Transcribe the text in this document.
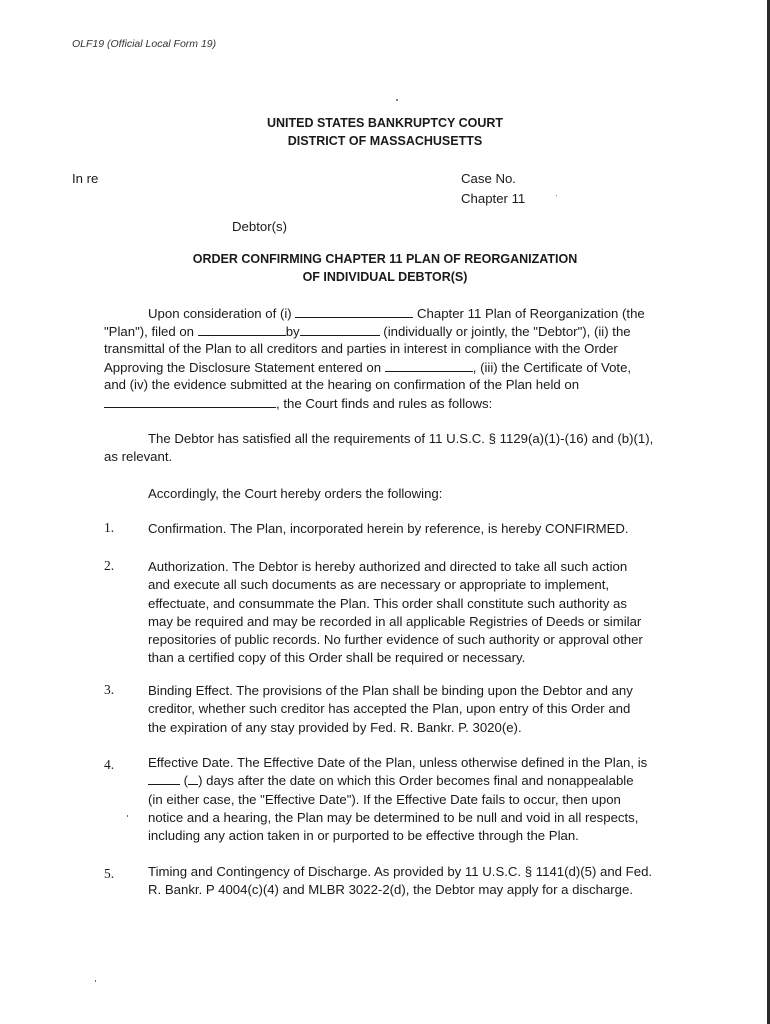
OLF19 (Official Local Form 19)
UNITED STATES BANKRUPTCY COURT
DISTRICT OF MASSACHUSETTS
In re	Case No.
Chapter 11
Debtor(s)
ORDER CONFIRMING CHAPTER 11 PLAN OF REORGANIZATION
OF INDIVIDUAL DEBTOR(S)
Upon consideration of (i)	Chapter 11 Plan of Reorganization (the
"Plan"), filed on	by	(individually or jointly, the "Debtor"), (ii) the
transmittal of the Plan to all creditors and parties in interest in compliance with the Order
Approving the Disclosure Statement entered on	, (iii) the Certificate of Vote,
and (iv) the evidence submitted at the hearing on confirmation of the Plan held on
, the Court finds and rules as follows:
The Debtor has satisfied all the requirements of 11 U.S.C. § 1129(a)(1)-(16) and (b)(1),
as relevant.
Accordingly, the Court hereby orders the following:
1.	Confirmation. The Plan, incorporated herein by reference, is hereby CONFIRMED.
2.	Authorization. The Debtor is hereby authorized and directed to take all such action
and execute all such documents as are necessary or appropriate to implement,
effectuate, and consummate the Plan. This order shall constitute such authority as
may be required and may be recorded in all applicable Registries of Deeds or similar
repositories of public records. No further evidence of such authority or approval other
than a certified copy of this Order shall be required or necessary.
3.	Binding Effect. The provisions of the Plan shall be binding upon the Debtor and any
creditor, whether such creditor has accepted the Plan, upon entry of this Order and
the expiration of any stay provided by Fed. R. Bankr. P. 3020(e).
4.	Effective Date. The Effective Date of the Plan, unless otherwise defined in the Plan, is
( ) days after the date on which this Order becomes final and nonappealable
(in either case, the "Effective Date"). If the Effective Date fails to occur, then upon
notice and a hearing, the Plan may be determined to be null and void in all respects,
including any action taken in or purported to be effective through the Plan.
5.	Timing and Contingency of Discharge. As provided by 11 U.S.C. § 1141(d)(5) and Fed.
R. Bankr. P 4004(c)(4) and MLBR 3022-2(d), the Debtor may apply for a discharge.
